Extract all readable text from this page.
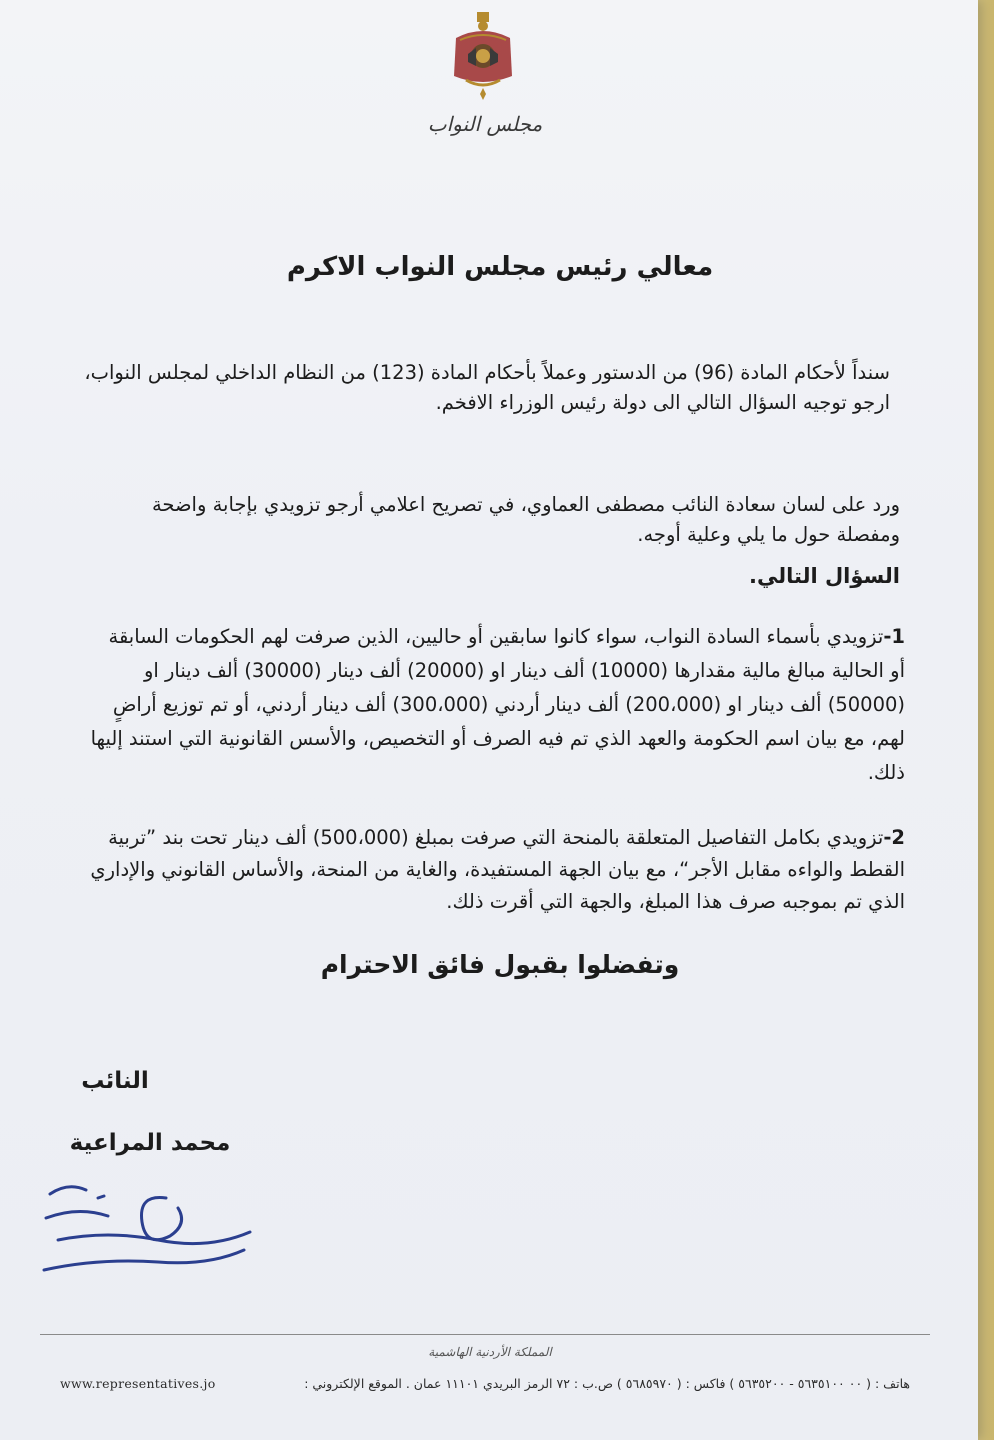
مجلس النواب
معالي رئيس مجلس النواب الاكرم
سنداً لأحكام المادة (96) من الدستور وعملاً بأحكام المادة (123) من النظام الداخلي لمجلس النواب، ارجو توجيه السؤال التالي الى دولة رئيس الوزراء الافخم.
ورد على لسان سعادة النائب مصطفى العماوي، في تصريح اعلامي أرجو تزويدي بإجابة واضحة ومفصلة حول ما يلي وعلية أوجه.
السؤال التالي.
1-تزويدي بأسماء السادة النواب، سواء كانوا سابقين أو حاليين، الذين صرفت لهم الحكومات السابقة أو الحالية مبالغ مالية مقدارها (10000) ألف دينار او (20000) ألف دينار (30000) ألف دينار او (50000) ألف دينار او (200،000) ألف دينار أردني (300،000) ألف دينار أردني، أو تم توزيع أراضٍ لهم، مع بيان اسم الحكومة والعهد الذي تم فيه الصرف أو التخصيص، والأسس القانونية التي استند إليها ذلك.
2-تزويدي بكامل التفاصيل المتعلقة بالمنحة التي صرفت بمبلغ (500،000) ألف دينار تحت بند ”تربية القطط والواءه مقابل الأجر“، مع بيان الجهة المستفيدة، والغاية من المنحة، والأساس القانوني والإداري الذي تم بموجبه صرف هذا المبلغ، والجهة التي أقرت ذلك.
وتفضلوا بقبول فائق الاحترام
النائب
محمد المراعية
المملكة الأردنية الهاشمية
www.representatives.jo	هاتف : ( ٠٠ ٥٦٣٥١٠٠ - ٥٦٣٥٢٠٠ ) فاكس : ( ٥٦٨٥٩٧٠ ) ص.ب : ٧٢ الرمز البريدي ١١١٠١ عمان . الموقع الإلكتروني :
